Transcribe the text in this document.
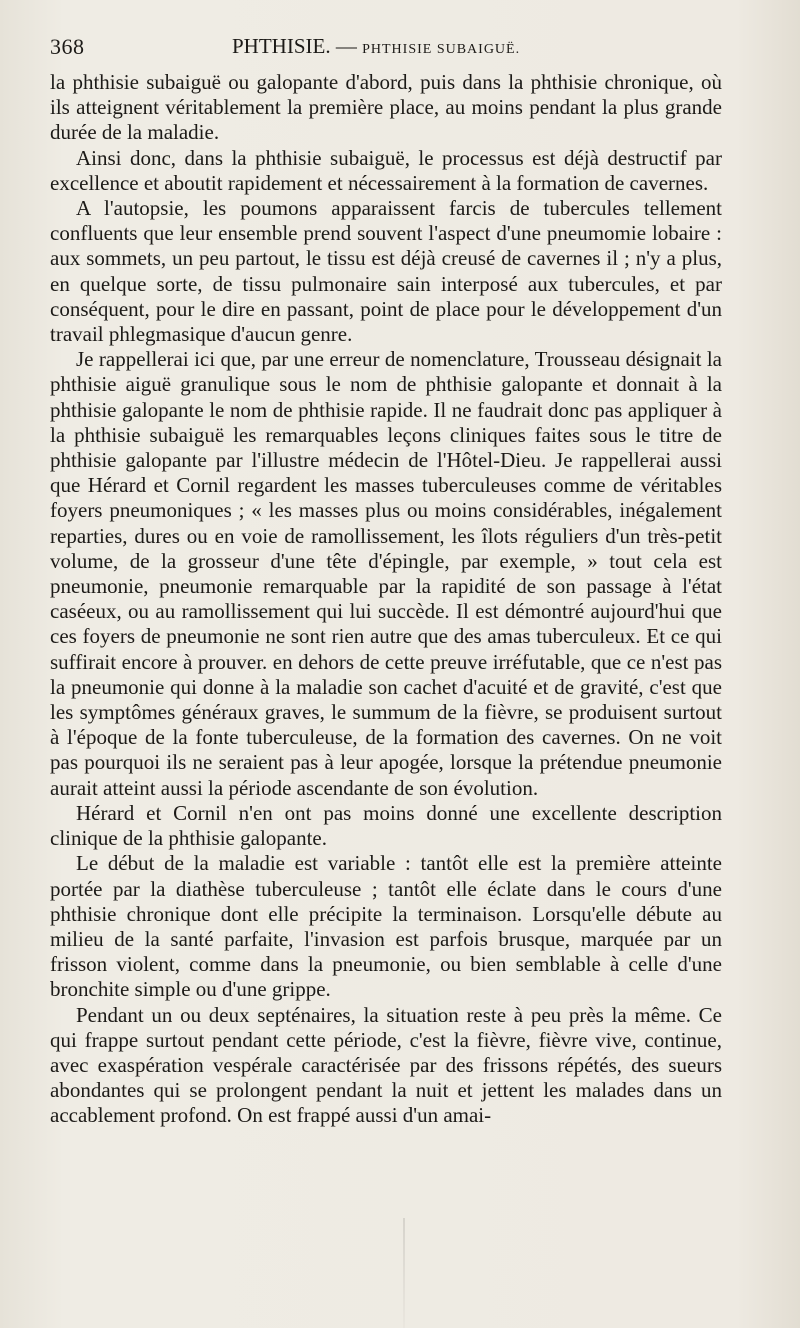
368	PHTHISIE. — PHTHISIE SUBAIGUË.

la phthisie subaiguë ou galopante d'abord, puis dans la phthisie chronique, où ils atteignent véritablement la première place, au moins pendant la plus grande durée de la maladie.

Ainsi donc, dans la phthisie subaiguë, le processus est déjà destructif par excellence et aboutit rapidement et nécessairement à la formation de cavernes.

A l'autopsie, les poumons apparaissent farcis de tubercules tellement confluents que leur ensemble prend souvent l'aspect d'une pneumomie lobaire : aux sommets, un peu partout, le tissu est déjà creusé de cavernes il ; n'y a plus, en quelque sorte, de tissu pulmonaire sain interposé aux tubercules, et par conséquent, pour le dire en passant, point de place pour le développement d'un travail phlegmasique d'aucun genre.

Je rappellerai ici que, par une erreur de nomenclature, Trousseau désignait la phthisie aiguë granulique sous le nom de phthisie galopante et donnait à la phthisie galopante le nom de phthisie rapide. Il ne faudrait donc pas appliquer à la phthisie subaiguë les remarquables leçons cliniques faites sous le titre de phthisie galopante par l'illustre médecin de l'Hôtel-Dieu. Je rappellerai aussi que Hérard et Cornil regardent les masses tuberculeuses comme de véritables foyers pneumoniques ; « les masses plus ou moins considérables, inégalement reparties, dures ou en voie de ramollissement, les îlots réguliers d'un très-petit volume, de la grosseur d'une tête d'épingle, par exemple, » tout cela est pneumonie, pneumonie remarquable par la rapidité de son passage à l'état caséeux, ou au ramollissement qui lui succède. Il est démontré aujourd'hui que ces foyers de pneumonie ne sont rien autre que des amas tuberculeux. Et ce qui suffirait encore à prouver. en dehors de cette preuve irréfutable, que ce n'est pas la pneumonie qui donne à la maladie son cachet d'acuité et de gravité, c'est que les symptômes généraux graves, le summum de la fièvre, se produisent surtout à l'époque de la fonte tuberculeuse, de la formation des cavernes. On ne voit pas pourquoi ils ne seraient pas à leur apogée, lorsque la prétendue pneumonie aurait atteint aussi la période ascendante de son évolution.

Hérard et Cornil n'en ont pas moins donné une excellente description clinique de la phthisie galopante.

Le début de la maladie est variable : tantôt elle est la première atteinte portée par la diathèse tuberculeuse ; tantôt elle éclate dans le cours d'une phthisie chronique dont elle précipite la terminaison. Lorsqu'elle débute au milieu de la santé parfaite, l'invasion est parfois brusque, marquée par un frisson violent, comme dans la pneumonie, ou bien semblable à celle d'une bronchite simple ou d'une grippe.

Pendant un ou deux septénaires, la situation reste à peu près la même. Ce qui frappe surtout pendant cette période, c'est la fièvre, fièvre vive, continue, avec exaspération vespérale caractérisée par des frissons répétés, des sueurs abondantes qui se prolongent pendant la nuit et jettent les malades dans un accablement profond. On est frappé aussi d'un amai-
